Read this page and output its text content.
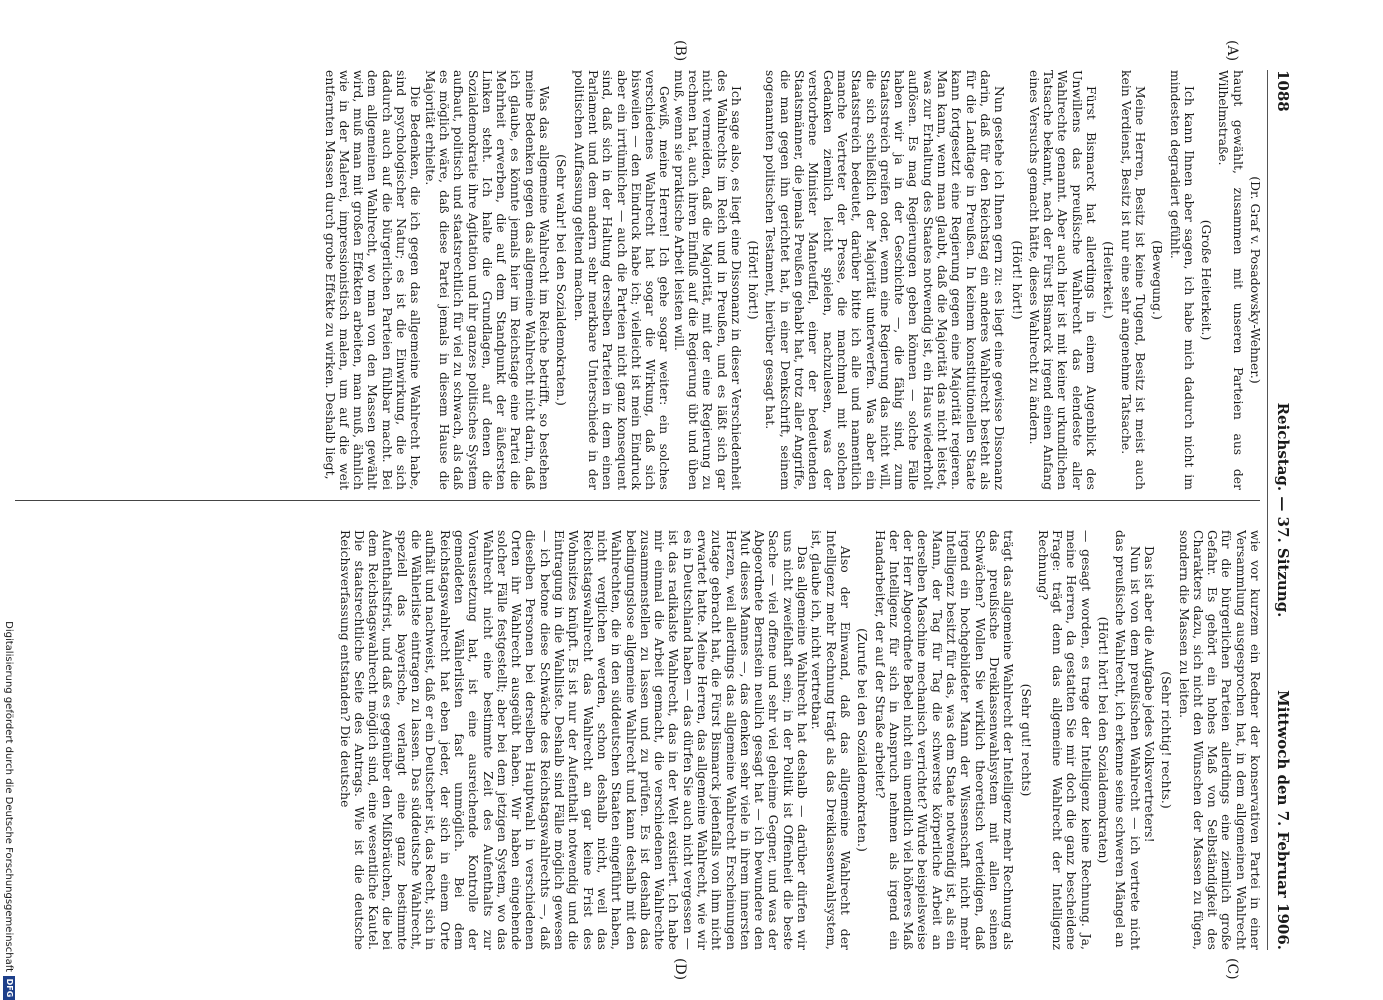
1088
Reichstag. — 37. Sitzung.
Mittwoch den 7. Februar 1906.
(A)
(B)
(C)
(D)

(Dr. Graf v. Posadowsky-Wehner.)

haupt gewählt, zusammen mit unseren Parteien aus der Wilhelmstraße.

(Große Heiterkeit.)

Ich kann Ihnen aber sagen, ich habe mich dadurch nicht im mindesten degradiert gefühlt.

(Bewegung.)

Meine Herren, Besitz ist keine Tugend, Besitz ist meist auch kein Verdienst, Besitz ist nur eine sehr angenehme Tatsache.

(Heiterkeit.)

Fürst Bismarck hat allerdings in einem Augenblick des Unwillens das preußische Wahlrecht das elendeste aller Wahlrechte genannt. Aber auch hier ist mit keiner urkundlichen Tatsache bekannt, nach der Fürst Bismarck irgend einen Anfang eines Versuchs gemacht hätte, dieses Wahlrecht zu ändern.

(Hört! hört!)

Nun gestehe ich Ihnen gern zu: es liegt eine gewisse Dissonanz darin, daß für den Reichstag ein anderes Wahlrecht besteht als für die Landtage in Preußen. In keinem konstitutionellen Staate kann fortgesetzt eine Regierung gegen eine Majorität regieren. Man kann, wenn man glaubt, daß die Majorität das nicht leistet, was zur Erhaltung des Staates notwendig ist, ein Haus wiederholt auflösen. Es mag Regierungen geben können — solche Fälle haben wir ja in der Geschichte —, die fähig sind, zum Staatsstreich greifen oder, wenn eine Regierung das nicht will, die sich schließlich der Majorität unterwerfen. Was aber ein Staatsstreich bedeutet, darüber bitte ich alle und namentlich manche Vertreter der Presse, die manchmal mit solchen Gedanken ziemlich leicht spielen, nachzulesen, was der verstorbene Minister Manteuffel, einer der bedeutenden Staatsmänner, die jemals Preußen gehabt hat, trotz aller Angriffe, die man gegen ihn gerichtet hat, in einer Denkschrift, seinem sogenannten politischen Testament, hierüber gesagt hat.

(Hört! hört!)

Ich sage also, es liegt eine Dissonanz in dieser Verschiedenheit des Wahlrechts im Reich und in Preußen, und es läßt sich gar nicht vermeiden, daß die Majorität, mit der eine Regierung zu rechnen hat, auch ihren Einfluß auf die Regierung übt und üben muß, wenn sie praktische Arbeit leisten will.

Gewiß, meine Herren! Ich gehe sogar weiter: ein solches verschiedenes Wahlrecht hat sogar die Wirkung, daß sich bisweilen — den Eindruck habe ich; vielleicht ist mein Eindruck aber ein irrtümlicher — auch die Parteien nicht ganz konsequent sind, daß sich in der Haltung derselben Parteien in dem einen Parlament und dem andern sehr merkbare Unterschiede in der politischen Auffassung geltend machen.

(Sehr wahr! bei den Sozialdemokraten.)

Was das allgemeine Wahlrecht im Reiche betrifft, so bestehen meine Bedenken gegen das allgemeine Wahlrecht nicht darin, daß ich glaube, es könnte jemals hier im Reichstage eine Partei die Mehrheit erwerben, die auf dem Standpunkt der äußersten Linken steht. Ich halte die Grundlagen, auf denen die Sozialdemokratie ihre Agitation und ihr ganzes politisches System aufbaut, politisch und staatsrechtlich für viel zu schwach, als daß es möglich wäre, daß diese Partei jemals in diesem Hause die Majorität erhielte.

Die Bedenken, die ich gegen das allgemeine Wahlrecht habe, sind psychologischer Natur; es ist die Einwirkung, die sich dadurch auch auf die bürgerlichen Parteien fühlbar macht. Bei dem allgemeinen Wahlrecht, wo man von den Massen gewählt wird, muß man mit großen Effekten arbeiten, man muß, ähnlich wie in der Malerei, impressionistisch malen, um auf die weit entfernten Massen durch grobe Effekte zu wirken. Deshalb liegt,

wie vor kurzem ein Redner der konservativen Partei in einer Versammlung ausgesprochen hat, in dem allgemeinen Wahlrecht für die bürgerlichen Parteien allerdings eine ziemlich große Gefahr. Es gehört ein hohes Maß von Selbständigkeit des Charakters dazu, sich nicht den Wünschen der Massen zu fügen, sondern die Massen zu leiten.

(Sehr richtig! rechts.)

Das ist aber die Aufgabe jedes Volksvertreters!

Nun ist von dem preußischen Wahlrecht — ich vertrete nicht das preußische Wahlrecht, ich erkenne seine schweren Mängel an

(Hört! hört! bei den Sozialdemokraten)

— gesagt worden, es trage der Intelligenz keine Rechnung. Ja, meine Herren, da gestatten Sie mir doch die ganz bescheidene Frage: trägt denn das allgemeine Wahlrecht der Intelligenz Rechnung?

(Sehr gut! rechts)

trägt das allgemeine Wahlrecht der Intelligenz mehr Rechnung als das preußische Dreiklassenwahlsystem mit allen seinen Schwächen? Wollen Sie wirklich theoretisch verteidigen, daß irgend ein hochgebildeter Mann der Wissenschaft nicht mehr Intelligenz besitzt für das, was dem Staate notwendig ist, als ein Mann, der Tag für Tag die schwerste körperliche Arbeit an derselben Maschine mechanisch verrichtet? Würde beispielsweise der Herr Abgeordnete Bebel nicht ein unendlich viel höheres Maß der Intelligenz für sich in Anspruch nehmen als irgend ein Handarbeiter, der auf der Straße arbeitet?

(Zurufe bei den Sozialdemokraten.)

Also der Einwand, daß das allgemeine Wahlrecht der Intelligenz mehr Rechnung trägt als das Dreiklassenwahlsystem, ist, glaube ich, nicht vertretbar.

Das allgemeine Wahlrecht hat deshalb — darüber dürfen wir uns nicht zweifelhaft sein; in der Politik ist Offenheit die beste Sache — viel offene und sehr viel geheime Gegner, und was der Abgeordnete Bernstein neulich gesagt hat — ich bewundere den Mut dieses Mannes —, das denken sehr viele in ihrem innersten Herzen, weil allerdings das allgemeine Wahlrecht Erscheinungen zutage gebracht hat, die Fürst Bismarck jedenfalls von ihm nicht erwartet hatte. Meine Herren, das allgemeine Wahlrecht, wie wir es in Deutschland haben — das dürfen Sie auch nicht vergessen — ist das radikalste Wahlrecht, das in der Welt existiert. Ich habe mir einmal die Arbeit gemacht, die verschiedenen Wahlrechte zusammenstellen zu lassen und zu prüfen. Es ist deshalb das bedingungslose allgemeine Wahlrecht und kann deshalb mit den Wahlrechten, die in den süddeutschen Staaten eingeführt haben, nicht verglichen werden, schon deshalb nicht, weil das Reichstagswahlrecht das Wahlrecht an gar keine Frist des Wohnsitzes knüpft. Es ist nur der Aufenthalt notwendig und die Eintragung in die Wahlliste. Deshalb sind Fälle möglich gewesen — ich betone diese Schwäche des Reichstagswahlrechts —, daß dieselben Personen bei derselben Hauptwahl in verschiedenen Orten ihr Wahlrecht ausgeübt haben. Wir haben eingehende solcher Fälle festgestellt; aber bei dem jetzigen System, wo das Wahlrecht nicht eine bestimmte Zeit des Aufenthalts zur Voraussetzung hat, ist eine ausreichende Kontrolle der gemeldeten Wählerlisten fast unmöglich. Bei dem Reichstagswahlrecht hat eben jeder, der sich in einem Orte aufhält und nachweist, daß er ein Deutscher ist, das Recht, sich in die Wählerliste eintragen zu lassen. Das süddeutsche Wahlrecht, speziell das bayerische, verlangt eine ganz bestimmte Aufenthaltsfrist, und daß es gegenüber den Mißbräuchen, die bei dem Reichstagswahlrecht möglich sind, eine wesentliche Kautel. Die staatsrechtliche Seite des Antrags. Wie ist die deutsche Reichsverfassung entstanden? Die deutsche

Digitalisierung gefördert durch die Deutsche ForschungsgemeinschaftDFG
